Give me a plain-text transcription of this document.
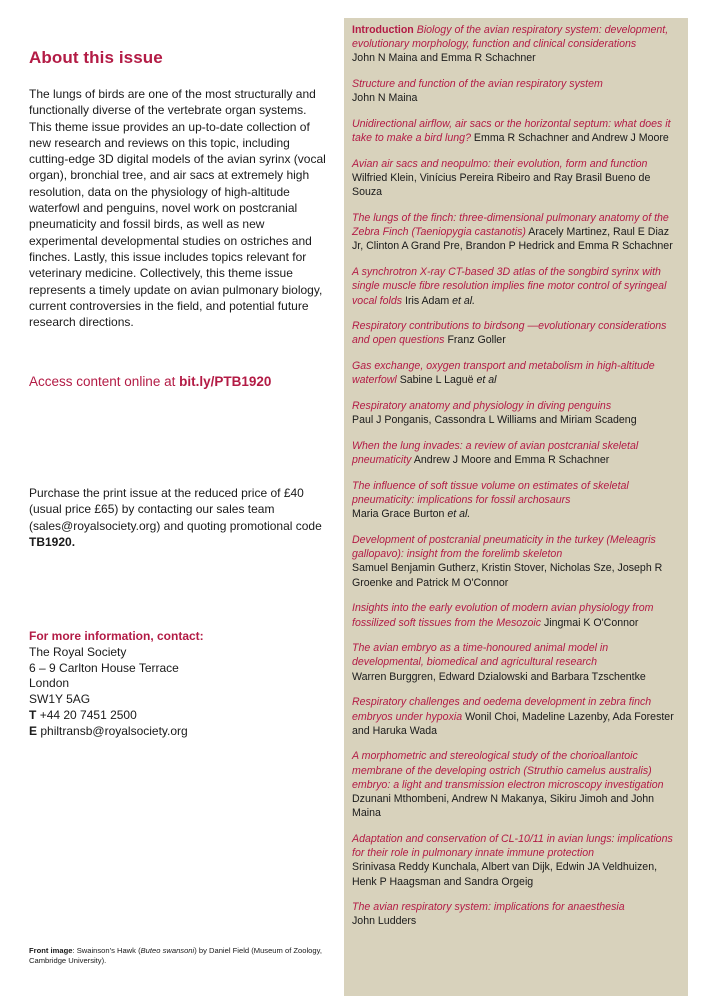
About this issue

The lungs of birds are one of the most structurally and functionally diverse of the vertebrate organ systems. This theme issue provides an up-to-date collection of new research and reviews on this topic, including cutting-edge 3D digital models of the avian syrinx (vocal organ), bronchial tree, and air sacs at extremely high resolution, data on the physiology of high-altitude waterfowl and penguins, novel work on postcranial pneumaticity and fossil birds, as well as new experimental developmental studies on ostriches and finches. Lastly, this issue includes topics relevant for veterinary medicine. Collectively, this theme issue represents a timely update on avian pulmonary biology, current controversies in the field, and potential future research directions.

Access content online at bit.ly/PTB1920

Purchase the print issue at the reduced price of £40 (usual price £65) by contacting our sales team (sales@royalsociety.org) and quoting promotional code TB1920.

For more information, contact:
The Royal Society
6 – 9 Carlton House Terrace
London
SW1Y 5AG
T +44 20 7451 2500
E philtransb@royalsociety.org

Front image: Swainson's Hawk (Buteo swansoni) by Daniel Field (Museum of Zoology, Cambridge University).

Introduction Biology of the avian respiratory system: development, evolutionary morphology, function and clinical considerations
John N Maina and Emma R Schachner

Structure and function of the avian respiratory system
John N Maina

Unidirectional airflow, air sacs or the horizontal septum: what does it take to make a bird lung? Emma R Schachner and Andrew J Moore

Avian air sacs and neopulmo: their evolution, form and function
Wilfried Klein, Vinícius Pereira Ribeiro and Ray Brasil Bueno de Souza

The lungs of the finch: three-dimensional pulmonary anatomy of the Zebra Finch (Taeniopygia castanotis) Aracely Martinez, Raul E Diaz Jr, Clinton A Grand Pre, Brandon P Hedrick and Emma R Schachner

A synchrotron X-ray CT-based 3D atlas of the songbird syrinx with single muscle fibre resolution implies fine motor control of syringeal vocal folds Iris Adam et al.

Respiratory contributions to birdsong —evolutionary considerations and open questions Franz Goller

Gas exchange, oxygen transport and metabolism in high-altitude waterfowl Sabine L Laguë et al

Respiratory anatomy and physiology in diving penguins
Paul J Ponganis, Cassondra L Williams and Miriam Scadeng

When the lung invades: a review of avian postcranial skeletal pneumaticity Andrew J Moore and Emma R Schachner

The influence of soft tissue volume on estimates of skeletal pneumaticity: implications for fossil archosaurs
Maria Grace Burton et al.

Development of postcranial pneumaticity in the turkey (Meleagris gallopavo): insight from the forelimb skeleton
Samuel Benjamin Gutherz, Kristin Stover, Nicholas Sze, Joseph R Groenke and Patrick M O'Connor

Insights into the early evolution of modern avian physiology from fossilized soft tissues from the Mesozoic Jingmai K O'Connor

The avian embryo as a time-honoured animal model in developmental, biomedical and agricultural research
Warren Burggren, Edward Dzialowski and Barbara Tzschentke

Respiratory challenges and oedema development in zebra finch embryos under hypoxia Wonil Choi, Madeline Lazenby, Ada Forester and Haruka Wada

A morphometric and stereological study of the chorioallantoic membrane of the developing ostrich (Struthio camelus australis) embryo: a light and transmission electron microscopy investigation
Dzunani Mthombeni, Andrew N Makanya, Sikiru Jimoh and John Maina

Adaptation and conservation of CL-10/11 in avian lungs: implications for their role in pulmonary innate immune protection
Srinivasa Reddy Kunchala, Albert van Dijk, Edwin JA Veldhuizen, Henk P Haagsman and Sandra Orgeig

The avian respiratory system: implications for anaesthesia
John Ludders
